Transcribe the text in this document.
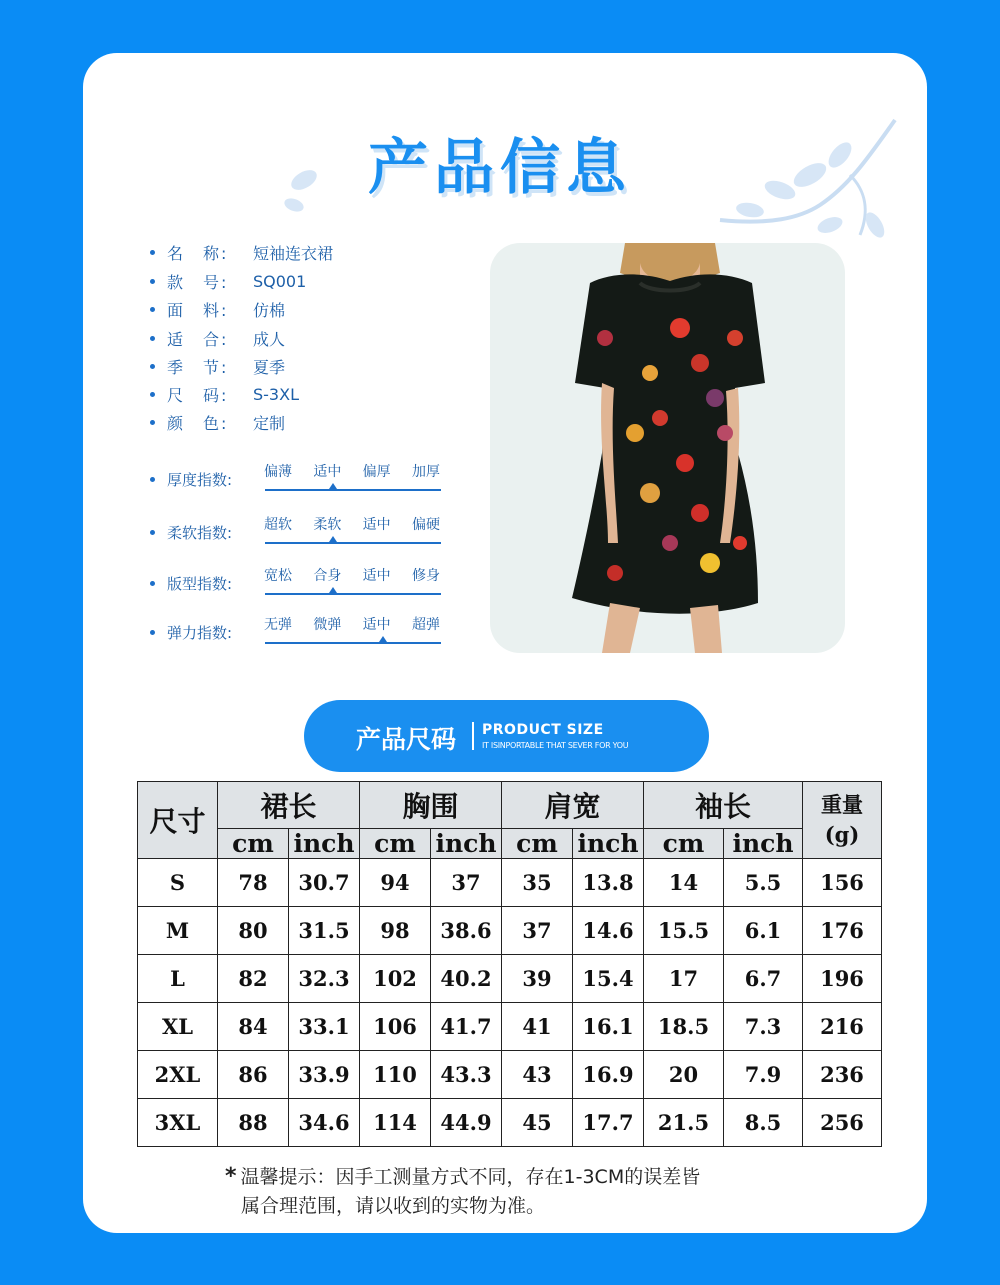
产品信息
名　称:	短袖连衣裙
款　号:	SQ001
面　料:	仿棉
适　合:	成人
季　节:	夏季
尺　码:	S-3XL
颜　色:	定制
厚度指数: 偏薄 适中 偏厚 加厚
柔软指数: 超软 柔软 适中 偏硬
版型指数: 宽松 合身 适中 修身
弹力指数: 无弹 微弹 适中 超弹
产品尺码 PRODUCT SIZE
IT ISINPORTABLE THAT SEVER FOR YOU
尺寸	裙长		胸围		肩宽		袖长		重量
(g)
	cm	inch	cm	inch	cm	inch	cm	inch	
S	78	30.7	94	37	35	13.8	14	5.5	156
M	80	31.5	98	38.6	37	14.6	15.5	6.1	176
L	82	32.3	102	40.2	39	15.4	17	6.7	196
XL	84	33.1	106	41.7	41	16.1	18.5	7.3	216
2XL	86	33.9	110	43.3	43	16.9	20	7.9	236
3XL	88	34.6	114	44.9	45	17.7	21.5	8.5	256
* 温馨提示：因手工测量方式不同，存在1-3CM的误差皆
属合理范围，请以收到的实物为准。
